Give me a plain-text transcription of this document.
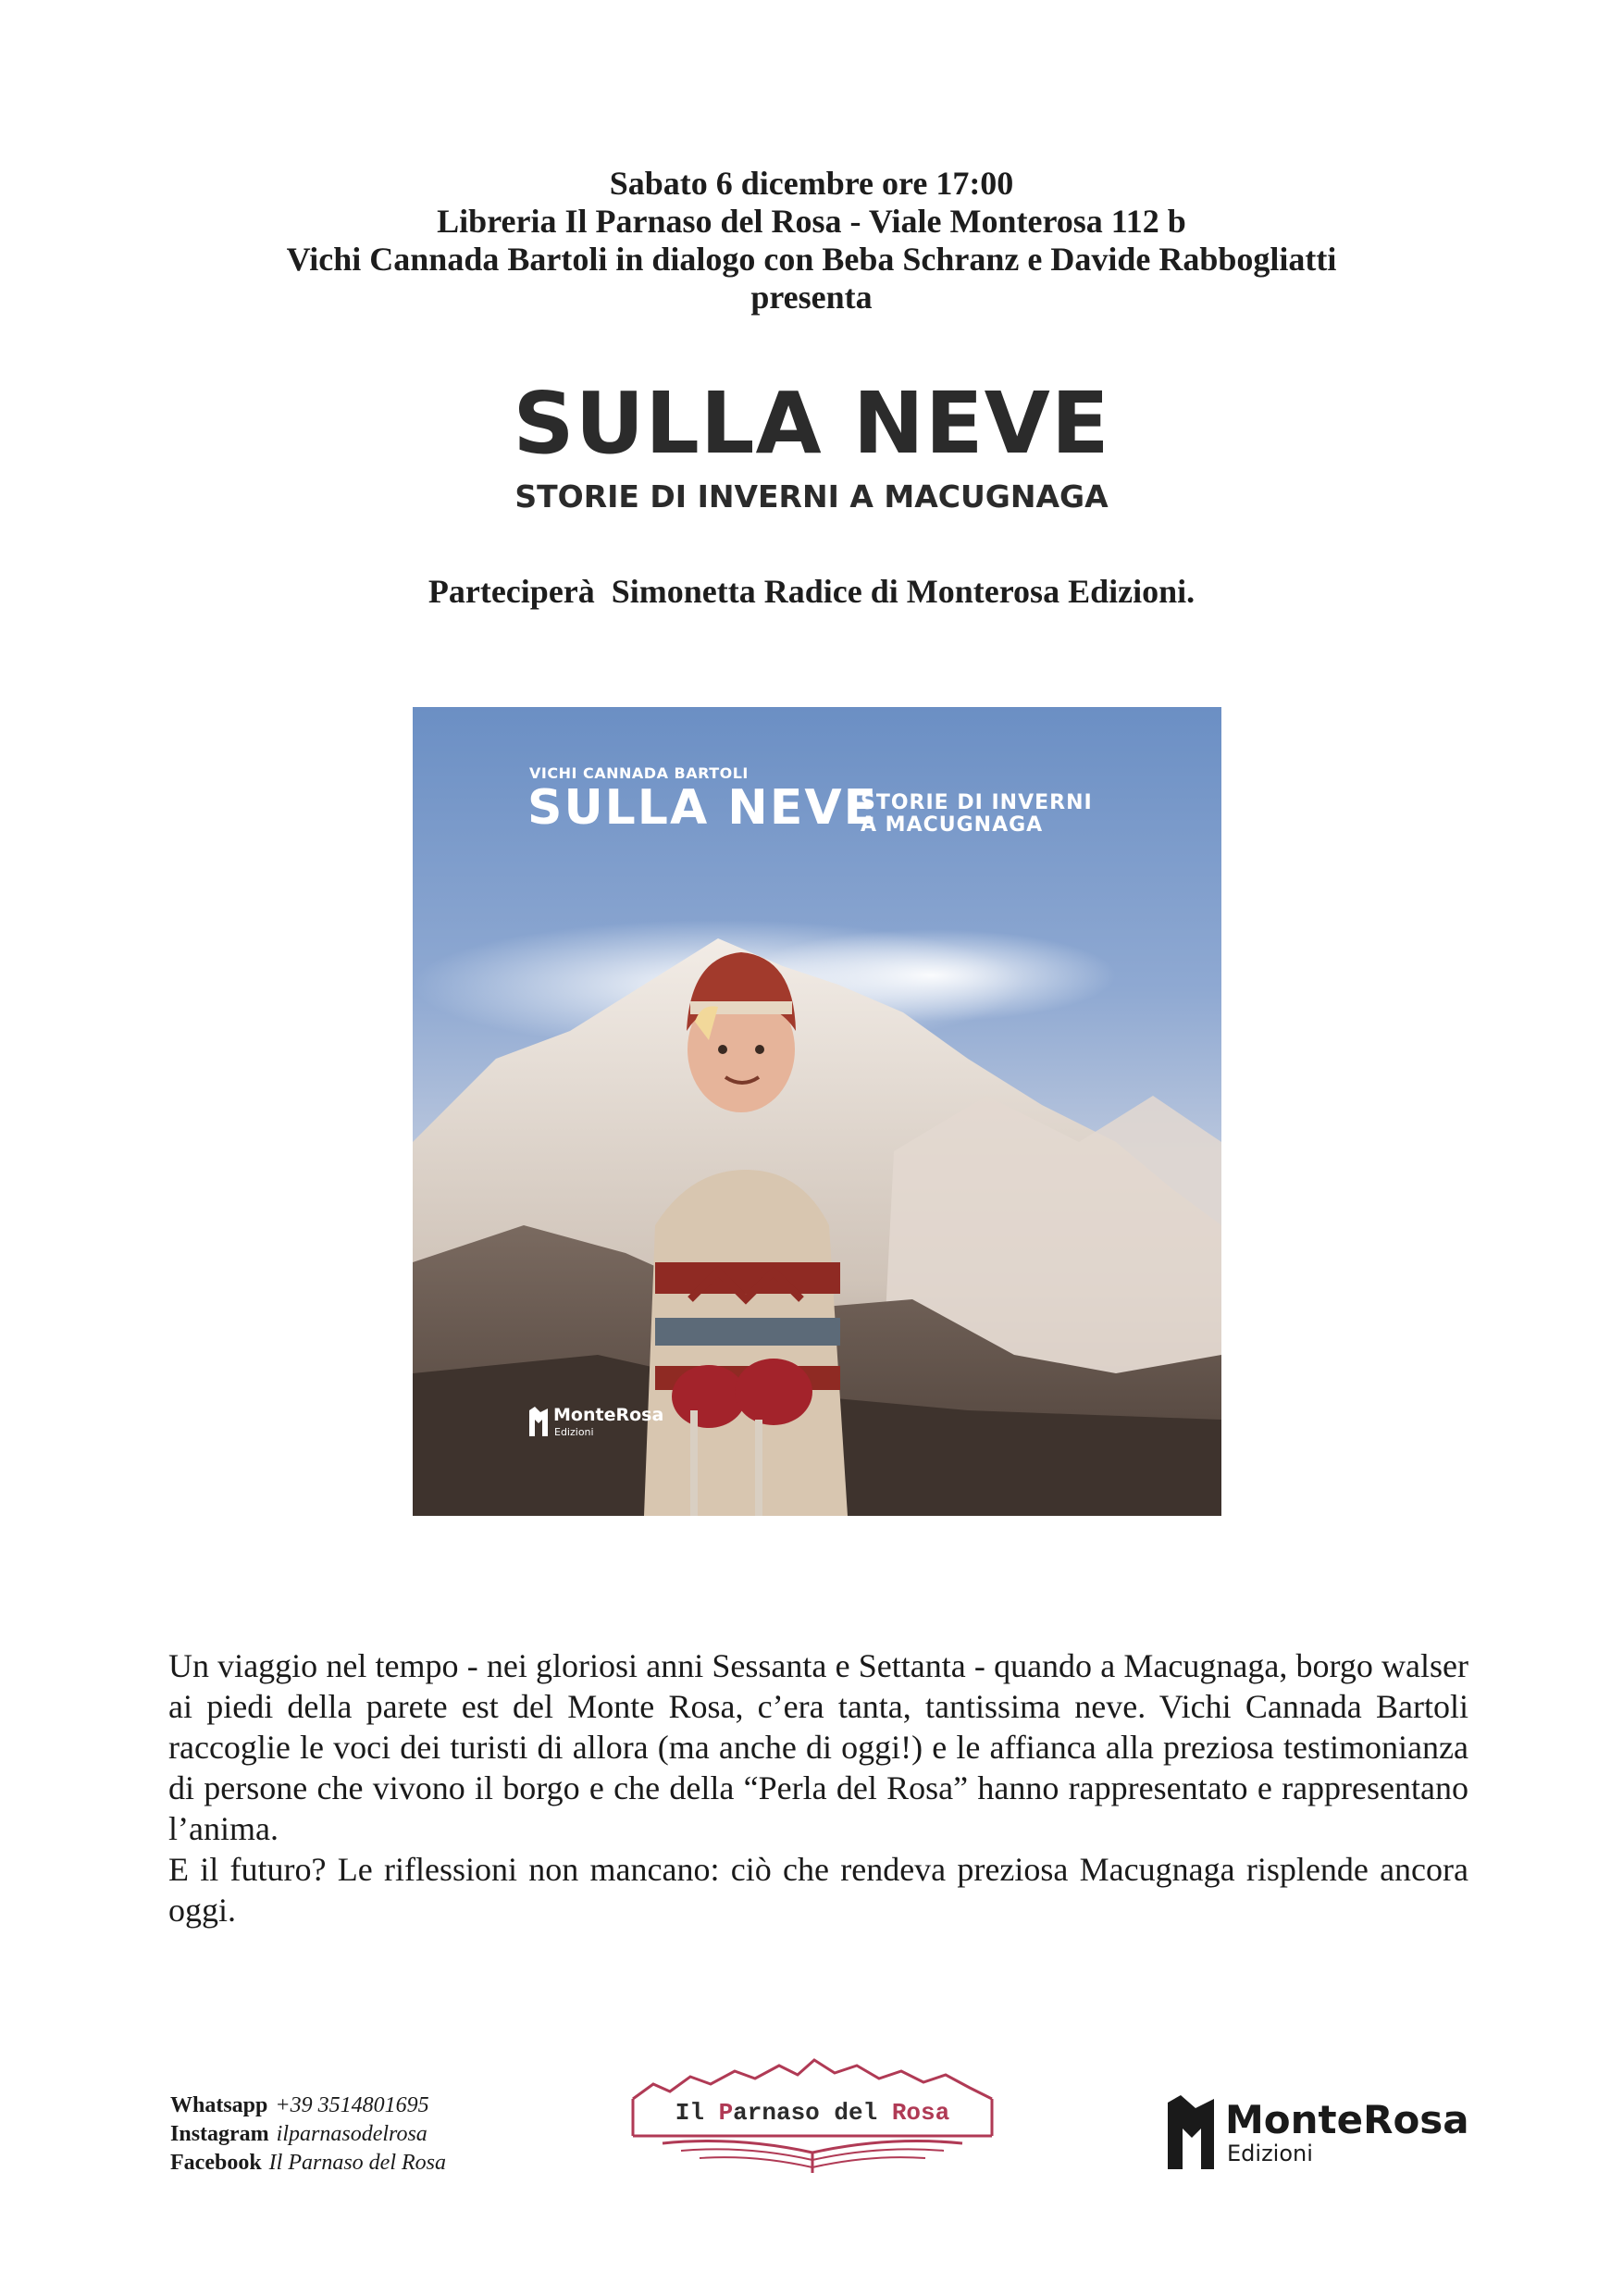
Sabato 6 dicembre ore 17:00
Libreria Il Parnaso del Rosa - Viale Monterosa 112 b
Vichi Cannada Bartoli in dialogo con Beba Schranz e Davide Rabbogliatti
presenta
SULLA NEVE
STORIE DI INVERNI A MACUGNAGA
Parteciperà  Simonetta Radice di Monterosa Edizioni.
VICHI CANNADA BARTOLI
SULLA NEVE
STORIE DI INVERNI
A MACUGNAGA
MonteRosa
Edizioni

Un viaggio nel tempo - nei gloriosi anni Sessanta e Settanta - quando a Macugnaga, borgo walser ai piedi della parete est del Monte Rosa, c’era tanta, tantissima neve. Vichi Cannada Bartoli raccoglie le voci dei turisti di allora (ma anche di oggi!) e le affianca alla preziosa testimonianza di persone che vivono il borgo e che della “Perla del Rosa” hanno rappresentato e rappresentano l’anima.

E il futuro? Le riflessioni non mancano: ciò che rendeva preziosa Macugnaga risplende ancora oggi.

Whatsapp +39 3514801695
Instagram ilparnasodelrosa
Facebook Il Parnaso del Rosa
Il Parnaso del Rosa	MonteRosa
Edizioni
